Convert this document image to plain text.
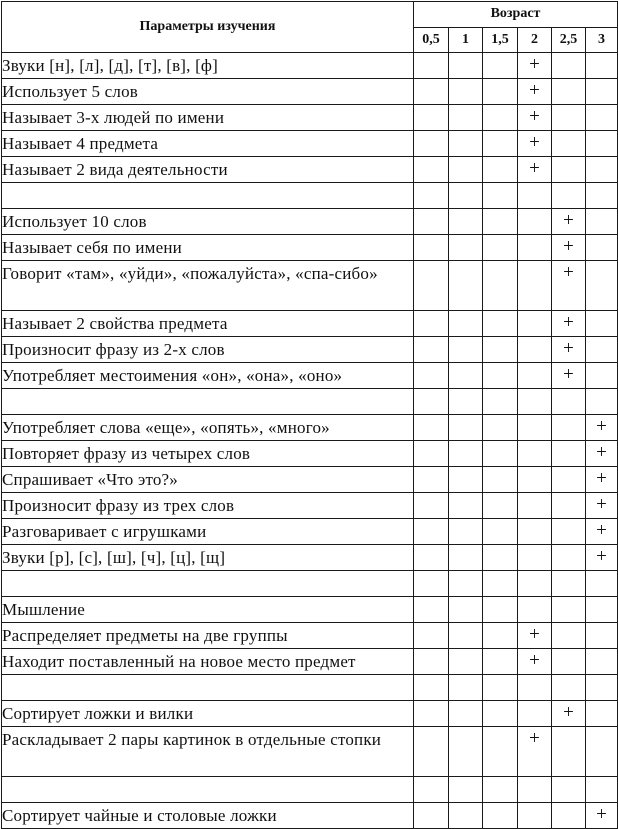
Параметры изучения	Возраст					
	0,5	1	1,5	2	2,5	3
Звуки [н], [л], [д], [т], [в], [ф]				+		
Использует 5 слов				+		
Называет 3-х людей по имени				+		
Называет 4 предмета				+		
Называет 2 вида деятельности				+		

Использует 10 слов					+	
Называет себя по имени					+	
Говорит «там», «уйди», «пожалуйста», «спа-сибо»					+	
Называет 2 свойства предмета					+	
Произносит фразу из 2-х слов					+	
Употребляет местоимения «он», «она», «оно»					+	

Употребляет слова «еще», «опять», «много»						+
Повторяет фразу из четырех слов						+
Спрашивает «Что это?»						+
Произносит фразу из трех слов						+
Разговаривает с игрушками						+
Звуки [р], [с], [ш], [ч], [ц], [щ]						+

Мышление						
Распределяет предметы на две группы				+		
Находит поставленный на новое место предмет				+		

Сортирует ложки и вилки					+	
Раскладывает 2 пары картинок в отдельные стопки				+		

Сортирует чайные и столовые ложки						+
